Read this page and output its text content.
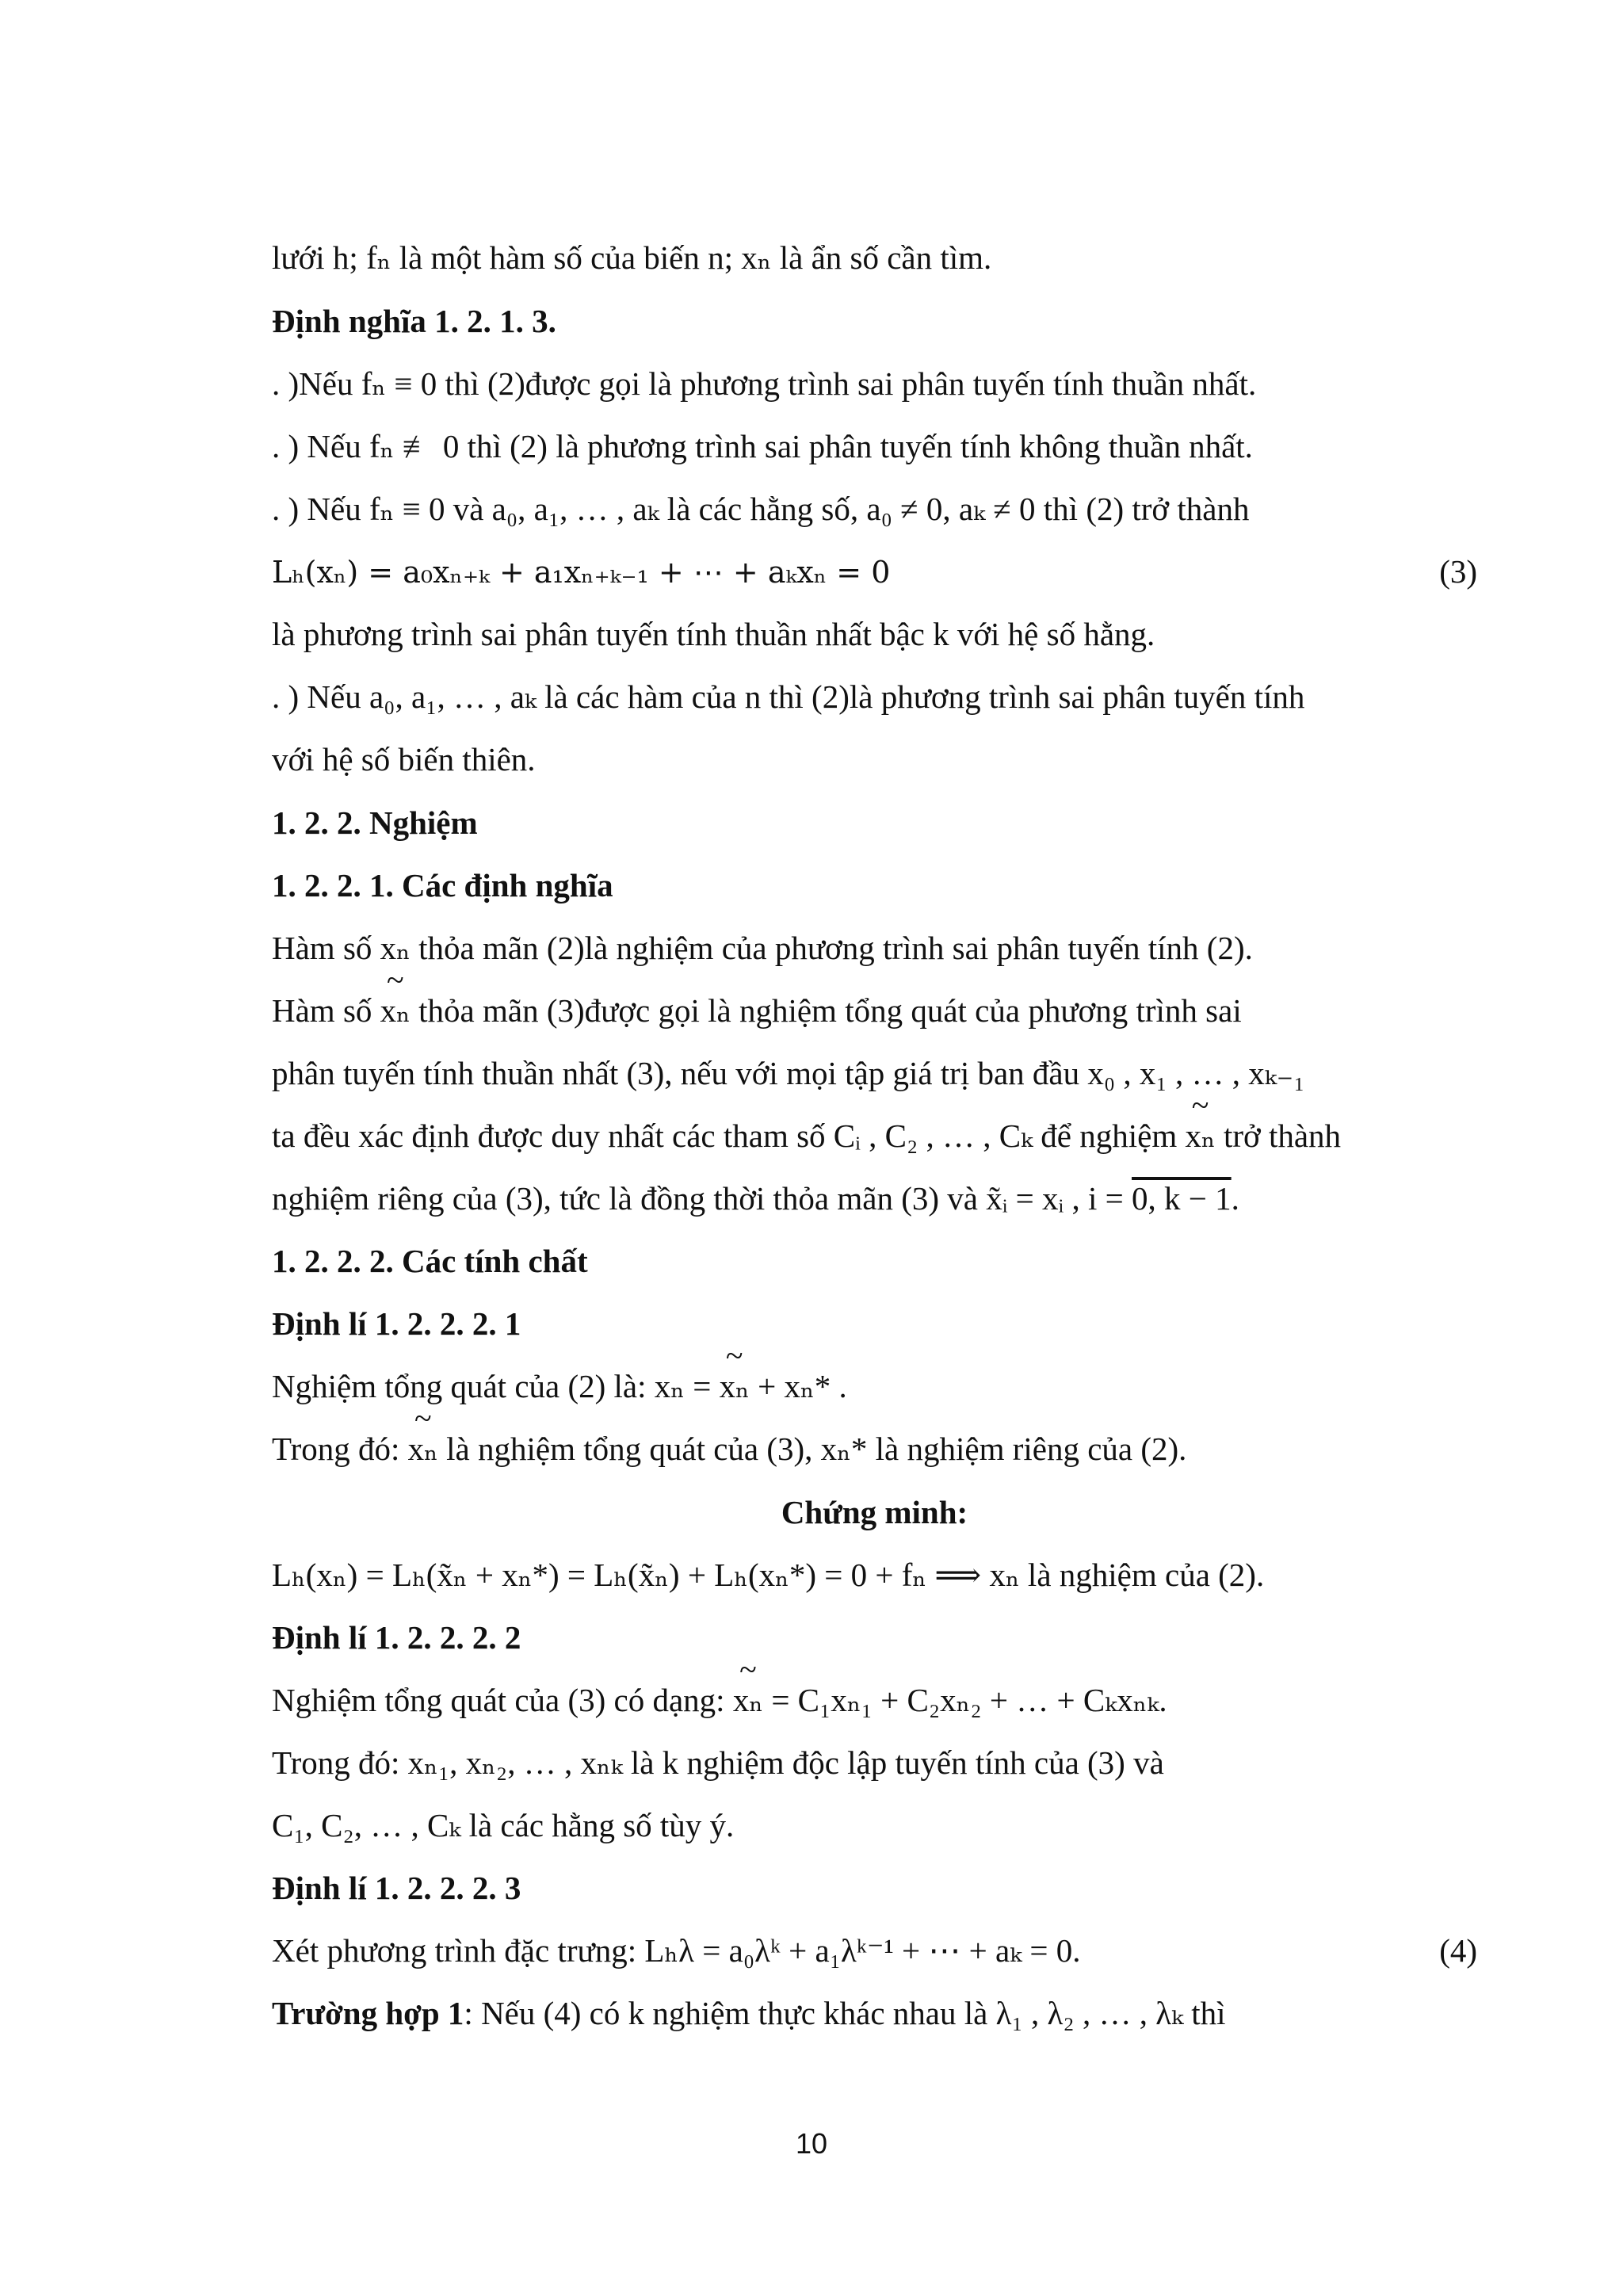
lưới h; fₙ là một hàm số của biến n; xₙ là ẩn số cần tìm.
Định nghĩa 1. 2. 1. 3.
. )Nếu fₙ ≡ 0 thì (2)được gọi là phương trình sai phân tuyến tính thuần nhất.
. ) Nếu fₙ ≢ 0 thì (2) là phương trình sai phân tuyến tính không thuần nhất.
. ) Nếu fₙ ≡ 0 và a₀, a₁, … , aₖ là các hằng số, a₀ ≠ 0, aₖ ≠ 0 thì (2) trở thành
Lₕ(xₙ) = a₀xₙ₊ₖ + a₁xₙ₊ₖ₋₁ + ⋯ + aₖxₙ = 0	(3)
là phương trình sai phân tuyến tính thuần nhất bậc k với hệ số hằng.
. ) Nếu a₀, a₁, … , aₖ là các hàm của n thì (2)là phương trình sai phân tuyến tính
với hệ số biến thiên.
1. 2. 2. Nghiệm
1. 2. 2. 1. Các định nghĩa
Hàm số xₙ thỏa mãn (2)là nghiệm của phương trình sai phân tuyến tính (2).
Hàm số ~ xₙ thỏa mãn (3)được gọi là nghiệm tổng quát của phương trình sai
phân tuyến tính thuần nhất (3), nếu với mọi tập giá trị ban đầu x₀ , x₁ , … , xₖ₋₁
ta đều xác định được duy nhất các tham số Cᵢ , C₂ , … , Cₖ để nghiệm ~ xₙ trở thành
nghiệm riêng của (3), tức là đồng thời thỏa mãn (3) và x̃ᵢ = xᵢ , i = 0, k − 1.
1. 2. 2. 2. Các tính chất
Định lí 1. 2. 2. 2. 1
Nghiệm tổng quát của (2) là: xₙ = ~ xₙ + xₙ* .
Trong đó: ~ xₙ là nghiệm tổng quát của (3), xₙ* là nghiệm riêng của (2).
Chứng minh:
Lₕ(xₙ) = Lₕ(x̃ₙ + xₙ*) = Lₕ(x̃ₙ) + Lₕ(xₙ*) = 0 + fₙ ⟹ xₙ là nghiệm của (2).
Định lí 1. 2. 2. 2. 2
Nghiệm tổng quát của (3) có dạng: ~ xₙ = C₁xₙ₁ + C₂xₙ₂ + … + Cₖxₙₖ.
Trong đó: xₙ₁, xₙ₂, … , xₙₖ là k nghiệm độc lập tuyến tính của (3) và
C₁, C₂, … , Cₖ là các hằng số tùy ý.
Định lí 1. 2. 2. 2. 3
Xét phương trình đặc trưng: Lₕλ = a₀λᵏ + a₁λᵏ⁻¹ + ⋯ + aₖ = 0.	(4)
Trường hợp 1: Nếu (4) có k nghiệm thực khác nhau là λ₁ , λ₂ , … , λₖ thì
10
